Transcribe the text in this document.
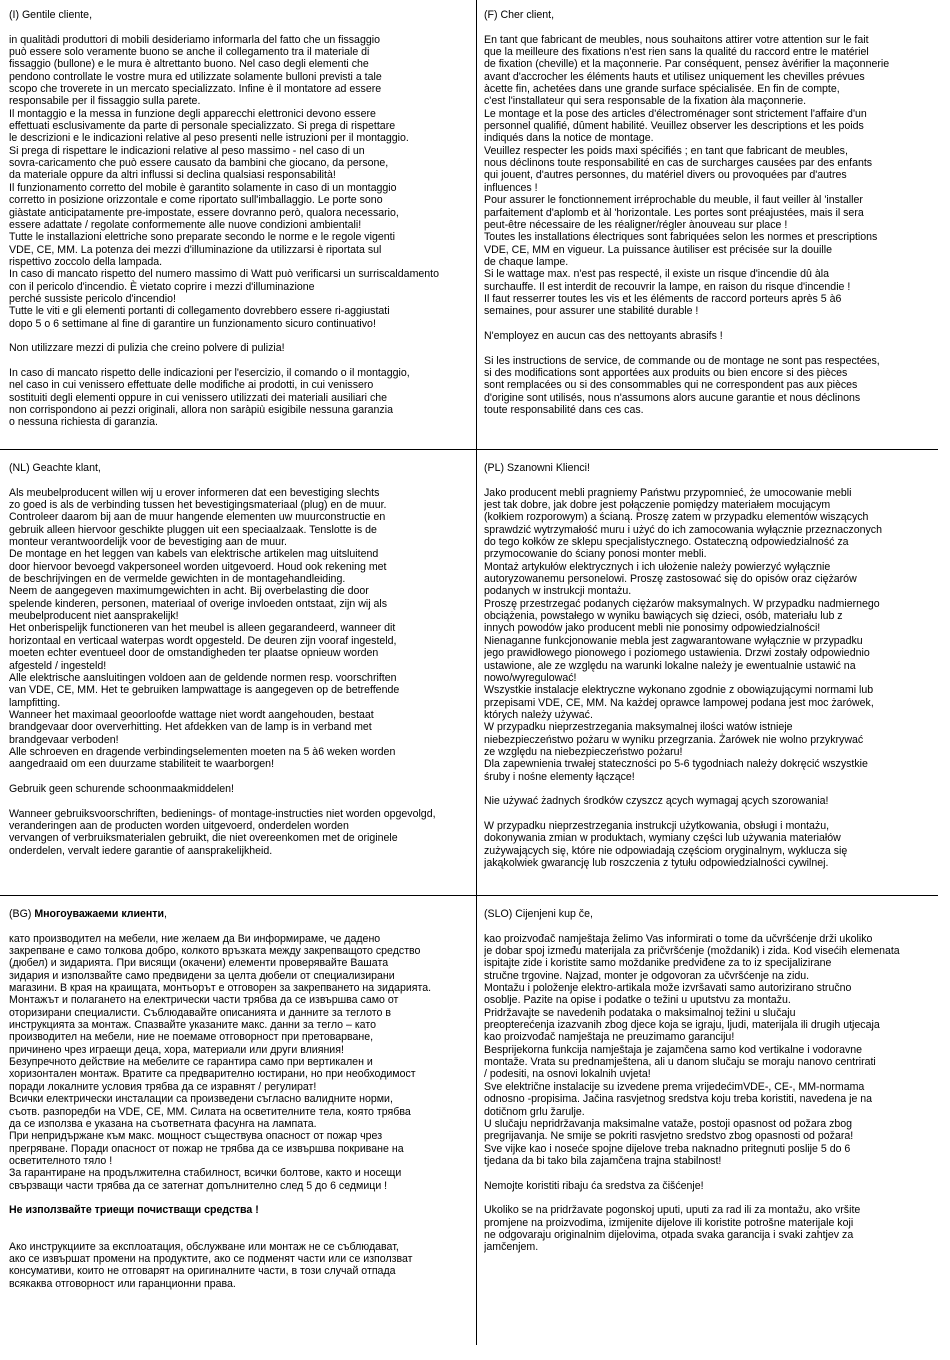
(I) Gentile cliente,

in qualitàdi produttori di mobili desideriamo informarla del fatto che un fissaggio
può essere solo veramente buono se anche il collegamento tra il materiale di
fissaggio (bullone) e le mura è altrettanto buono. Nel caso degli elementi che
pendono controllate le vostre mura ed utilizzate solamente bulloni previsti a tale
scopo che troverete in un mercato specializzato. Infine è il montatore ad essere
responsabile per il fissaggio sulla parete.
Il montaggio e la messa in funzione degli apparecchi elettronici devono essere
effettuati esclusivamente da parte di personale specializzato. Si prega di rispettare
le descrizioni e le indicazioni relative al peso presenti nelle istruzioni per il montaggio.
Si prega di rispettare le indicazioni relative al peso massimo - nel caso di un
sovra-caricamento che può essere causato da bambini che giocano, da persone,
da materiale oppure da altri influssi si declina qualsiasi responsabilità!
Il funzionamento corretto del mobile è garantito solamente in caso di un montaggio
corretto in posizione orizzontale e come riportato sull'imballaggio. Le porte sono
giàstate anticipatamente pre-impostate, essere dovranno però, qualora necessario,
essere adattate / regolate conformemente alle nuove condizioni ambientali!
Tutte le installazioni elettriche sono preparate secondo le norme e le regole vigenti
VDE, CE, MM. La potenza dei mezzi d'illuminazione da utilizzarsi è riportata sul
rispettivo zoccolo della lampada.
In caso di mancato rispetto del numero massimo di Watt può verificarsi un surriscaldamento
con il pericolo d'incendio. È vietato coprire i mezzi d'illuminazione
perché sussiste pericolo d'incendio!
Tutte le viti e gli elementi portanti di collegamento dovrebbero essere ri-aggiustati
dopo 5 o 6 settimane al fine di garantire un funzionamento sicuro continuativo!

Non utilizzare mezzi di pulizia che creino polvere di pulizia!

In caso di mancato rispetto delle indicazioni per l'esercizio, il comando o il montaggio,
nel caso in cui venissero effettuate delle modifiche ai prodotti, in cui venissero
sostituiti degli elementi oppure in cui venissero utilizzati dei materiali ausiliari che
non corrispondono ai pezzi originali, allora non saràpiù esigibile nessuna garanzia
o nessuna richiesta di garanzia.

(F) Cher client,

En tant que fabricant de meubles, nous souhaitons attirer votre attention sur le fait
que la meilleure des fixations n'est rien sans la qualité du raccord entre le matériel
de fixation (cheville) et la maçonnerie. Par conséquent, pensez àvérifier la maçonnerie
avant d'accrocher les éléments hauts et utilisez uniquement les chevilles prévues
àcette fin, achetées dans une grande surface spécialisée. En fin de compte,
c'est l'installateur qui sera responsable de la fixation àla maçonnerie.
Le montage et la pose des articles d'électroménager sont strictement l'affaire d'un
personnel qualifié, dûment habilité. Veuillez observer les descriptions et les poids
indiqués dans la notice de montage.
Veuillez respecter les poids maxi spécifiés ; en tant que fabricant de meubles,
nous déclinons toute responsabilité en cas de surcharges causées par des enfants
qui jouent, d'autres personnes, du matériel divers ou provoquées par d'autres
influences !
Pour assurer le fonctionnement irréprochable du meuble, il faut veiller àl 'installer
parfaitement d'aplomb et àl 'horizontale. Les portes sont préajustées, mais il sera
peut-être nécessaire de les réaligner/régler ànouveau sur place !
Toutes les installations électriques sont fabriquées selon les normes et prescriptions
VDE, CE, MM en vigueur. La puissance àutiliser est précisée sur la douille
de chaque lampe.
Si le wattage max. n'est pas respecté, il existe un risque d'incendie dû àla
surchauffe. Il est interdit de recouvrir la lampe, en raison du risque d'incendie !
Il faut resserrer toutes les vis et les éléments de raccord porteurs après 5 à6
semaines, pour assurer une stabilité durable !

N'employez en aucun cas des nettoyants abrasifs !

Si les instructions de service, de commande ou de montage ne sont pas respectées,
si des modifications sont apportées aux produits ou bien encore si des pièces
sont remplacées ou si des consommables qui ne correspondent pas aux pièces
d'origine sont utilisés, nous n'assumons alors aucune garantie et nous déclinons
toute responsabilité dans ces cas.

(NL) Geachte klant,

Als meubelproducent willen wij u erover informeren dat een bevestiging slechts
zo goed is als de verbinding tussen het bevestigingsmateriaal (plug) en de muur.
Controleer daarom bij aan de muur hangende elementen uw muurconstructie en
gebruik alleen hiervoor geschikte pluggen uit een speciaalzaak. Tenslotte is de
monteur verantwoordelijk voor de bevestiging aan de muur.
De montage en het leggen van kabels van elektrische artikelen mag uitsluitend
door hiervoor bevoegd vakpersoneel worden uitgevoerd. Houd ook rekening met
de beschrijvingen en de vermelde gewichten in de montagehandleiding.
Neem de aangegeven maximumgewichten in acht. Bij overbelasting die door
spelende kinderen, personen, materiaal of overige invloeden ontstaat, zijn wij als
meubelproducent niet aansprakelijk!
Het onberispelijk functioneren van het meubel is alleen gegarandeerd, wanneer dit
horizontaal en verticaal waterpas wordt opgesteld. De deuren zijn vooraf ingesteld,
moeten echter eventueel door de omstandigheden ter plaatse opnieuw worden
afgesteld / ingesteld!
Alle elektrische aansluitingen voldoen aan de geldende normen resp. voorschriften
van VDE, CE, MM. Het te gebruiken lampwattage is aangegeven op de betreffende
lampfitting.
Wanneer het maximaal geoorloofde wattage niet wordt aangehouden, bestaat
brandgevaar door oververhitting. Het afdekken van de lamp is in verband met
brandgevaar verboden!
Alle schroeven en dragende verbindingselementen moeten na 5 à6 weken worden
aangedraaid om een duurzame stabiliteit te waarborgen!

Gebruik geen schurende schoonmaakmiddelen!

Wanneer gebruiksvoorschriften, bedienings- of montage-instructies niet worden opgevolgd,
veranderingen aan de producten worden uitgevoerd, onderdelen worden
vervangen of verbruiksmaterialen gebruikt, die niet overeenkomen met de originele
onderdelen, vervalt iedere garantie of aansprakelijkheid.

(PL) Szanowni Klienci!

Jako producent mebli pragniemy Państwu przypomnieć, że umocowanie mebli
jest tak dobre, jak dobre jest połączenie pomiędzy materiałem mocującym
(kołkiem rozporowym) a ścianą. Proszę zatem w przypadku elementów wiszących
sprawdzić wytrzymałość muru i użyć do ich zamocowania wyłącznie przeznaczonych
do tego kołków ze sklepu specjalistycznego. Ostateczną odpowiedzialność za
przymocowanie do ściany ponosi monter mebli.
Montaż artykułów elektrycznych i ich ułożenie należy powierzyć wyłącznie
autoryzowanemu personelowi. Proszę zastosować się do opisów oraz ciężarów
podanych w instrukcji montażu.
Proszę przestrzegać podanych ciężarów maksymalnych. W przypadku nadmiernego
obciążenia, powstałego w wyniku bawiących się dzieci, osób, materiału lub z
innych powodów jako producent mebli nie ponosimy odpowiedzialności!
Nienaganne funkcjonowanie mebla jest zagwarantowane wyłącznie w przypadku
jego prawidłowego pionowego i poziomego ustawienia. Drzwi zostały odpowiednio
ustawione, ale ze względu na warunki lokalne należy je ewentualnie ustawić na
nowo/wyregulować!
Wszystkie instalacje elektryczne wykonano zgodnie z obowiązującymi normami lub
przepisami VDE, CE, MM. Na każdej oprawce lampowej podana jest moc żarówek,
których należy używać.
W przypadku nieprzestrzegania maksymalnej ilości watów istnieje
niebezpieczeństwo pożaru w wyniku przegrzania. Żarówek nie wolno przykrywać
ze względu na niebezpieczeństwo pożaru!
Dla zapewnienia trwałej stateczności po 5-6 tygodniach należy dokręcić wszystkie
śruby i nośne elementy łączące!

Nie używać żadnych środków czyszcz ących wymagaj ących szorowania!

W przypadku nieprzestrzegania instrukcji użytkowania, obsługi i montażu,
dokonywania zmian w produktach, wymiany części lub używania materiałów
zużywających się, które nie odpowiadają częściom oryginalnym, wyklucza się
jakąkolwiek gwarancję lub roszczenia z tytułu odpowiedzialności cywilnej.

(BG) Многоуважаеми клиенти,

като производител на мебели, ние желаем да Ви информираме, че дадено
закрепване е само толкова добро, колкото връзката между закрепващото средство
(дюбел) и зидарията. При висящи (окачени) елементи проверявайте Вашата
зидария и използвайте само предвидени за целта дюбели от специализирани
магазини. В края на краищата, монтьорът е отговорен за закрепването на зидарията.
Монтажът и полагането на електрически части трябва да се извършва само от
оторизирани специалисти. Съблюдавайте описанията и данните за теглото в
инструкцията за монтаж. Спазвайте указаните макс. данни за тегло – като
производител на мебели, ние не поемаме отговорност при претоварване,
причинено чрез играещи деца, хора, материали или други влияния!
Безупречното действие на мебелите се гарантира само при вертикален и
хоризонтален монтаж. Вратите са предварително юстирани, но при необходимост
поради локалните условия трябва да се изравнят / регулират!
Всички електрически инсталации са произведени съгласно валидните норми,
съотв. разпоредби на VDE, CE, MM. Силата на осветителните тела, която трябва
да се използва е указана на съответната фасунга на лампата.
При непридържане към макс. мощност съществува опасност от пожар чрез
прегряване. Поради опасност от пожар не трябва да се извършва покриване на
осветителното тяло !
За гарантиране на продължителна стабилност, всички болтове, както и носещи
свързващи части трябва да се затегнат допълнително след 5 до 6 седмици !

Не използвайте триещи почистващи средства !

Ако инструкциите за експлоатация, обслужване или монтаж не се съблюдават,
ако се извършат промени на продуктите, ако се подменят части или се използват
консумативи, които не отговарят на оригиналните части, в този случай отпада
всякаква отговорност или гаранционни права.

(SLO) Cijenjeni kup če,

kao proizvođač namještaja želimo Vas informirati o tome da učvršćenje drži ukoliko
je dobar spoj između materijala za pričvršćenje (moždanik) i zida. Kod visećih elemenata
ispitajte zide i koristite samo moždanike predviđene za to iz specijalizirane
stručne trgovine. Najzad, monter je odgovoran za učvršćenje na zidu.
Montažu i položenje elektro-artikala može izvršavati samo autorizirano stručno
osoblje. Pazite na opise i podatke o težini u uputstvu za montažu.
Pridržavajte se navedenih podataka o maksimalnoj težini u slučaju
preopterećenja izazvanih zbog djece koja se igraju, ljudi, materijala ili drugih utjecaja
kao proizvođač namještaja ne preuzimamo garanciju!
Besprijekorna funkcija namještaja je zajamčena samo kod vertikalne i vodoravne
montaže. Vrata su prednamještena, ali u danom slučaju se moraju nanovo centrirati
/ podesiti, na osnovi lokalnih uvjeta!
Sve električne instalacije su izvedene prema vrijedećimVDE-, CE-, MM-normama
odnosno -propisima. Jačina rasvjetnog sredstva koju treba koristiti, navedena je na
dotičnom grlu žarulje.
U slučaju nepridržavanja maksimalne vataže, postoji opasnost od požara zbog
pregrijavanja. Ne smije se pokriti rasvjetno sredstvo zbog opasnosti od požara!
Sve vijke kao i noseće spojne dijelove treba naknadno pritegnuti poslije 5 do 6
tjedana da bi tako bila zajamčena trajna stabilnost!

Nemojte koristiti ribaju ća sredstva za čišćenje!

Ukoliko se na pridržavate pogonskoj uputi, uputi za rad ili za montažu, ako vršite
promjene na proizvodima, izmijenite dijelove ili koristite potrošne materijale koji
ne odgovaraju originalnim dijelovima, otpada svaka garancija i svaki zahtjev za
jamčenjem.
